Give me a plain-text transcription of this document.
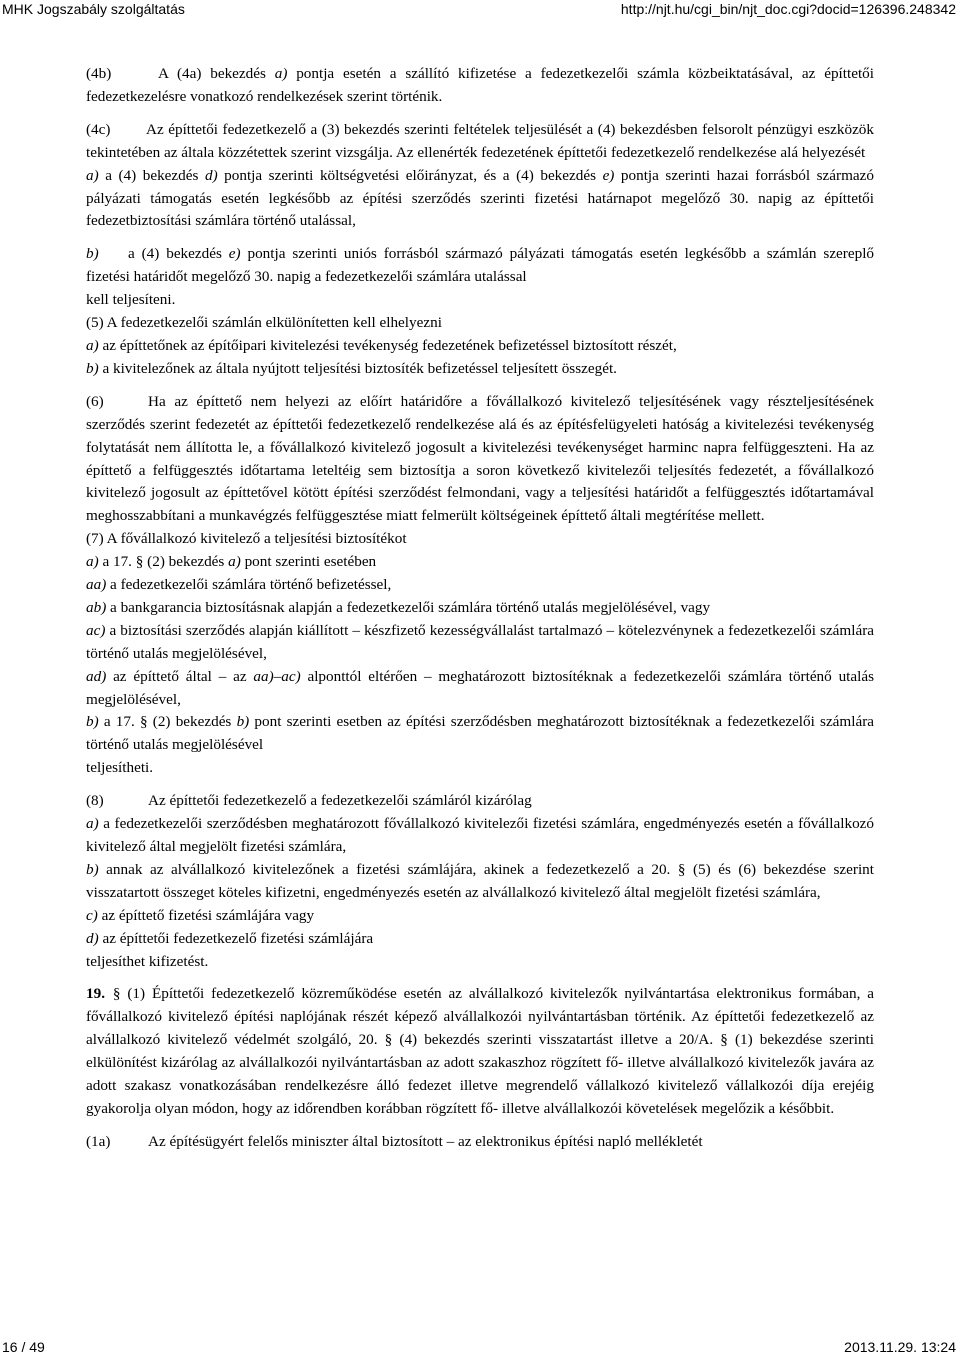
MHK Jogszabály szolgáltatás	http://njt.hu/cgi_bin/njt_doc.cgi?docid=126396.248342

(4b)	A (4a) bekezdés a) pontja esetén a szállító kifizetése a fedezetkezelői számla közbeiktatásával, az építtetői fedezetkezelésre vonatkozó rendelkezések szerint történik.

(4c) Az építtetői fedezetkezelő a (3) bekezdés szerinti feltételek teljesülését a (4) bekezdésben felsorolt pénzügyi eszközök tekintetében az általa közzétettek szerint vizsgálja. Az ellenérték fedezetének építtetői fedezetkezelő rendelkezése alá helyezését

a) a (4) bekezdés d) pontja szerinti költségvetési előirányzat, és a (4) bekezdés e) pontja szerinti hazai forrásból származó pályázati támogatás esetén legkésőbb az építési szerződés szerinti fizetési határnapot megelőző 30. napig az építtetői fedezetbiztosítási számlára történő utalással,

b) a (4) bekezdés e) pontja szerinti uniós forrásból származó pályázati támogatás esetén legkésőbb a számlán szereplő fizetési határidőt megelőző 30. napig a fedezetkezelői számlára utalással

kell teljesíteni.

(5) A fedezetkezelői számlán elkülönítetten kell elhelyezni

a) az építtetőnek az építőipari kivitelezési tevékenység fedezetének befizetéssel biztosított részét,

b) a kivitelezőnek az általa nyújtott teljesítési biztosíték befizetéssel teljesített összegét.

(6)	Ha az építtető nem helyezi az előírt határidőre a fővállalkozó kivitelező teljesítésének vagy részteljesítésének szerződés szerint fedezetét az építtetői fedezetkezelő rendelkezése alá és az építésfelügyeleti hatóság a kivitelezési tevékenység folytatását nem állította le, a fővállalkozó kivitelező jogosult a kivitelezési tevékenységet harminc napra felfüggeszteni. Ha az építtető a felfüggesztés időtartama leteltéig sem biztosítja a soron következő kivitelezői teljesítés fedezetét, a fővállalkozó kivitelező jogosult az építtetővel kötött építési szerződést felmondani, vagy a teljesítési határidőt a felfüggesztés időtartamával meghosszabbítani a munkavégzés felfüggesztése miatt felmerült költségeinek építtető általi megtérítése mellett.

(7) A fővállalkozó kivitelező a teljesítési biztosítékot

a) a 17. § (2) bekezdés a) pont szerinti esetében

aa) a fedezetkezelői számlára történő befizetéssel,

ab) a bankgarancia biztosításnak alapján a fedezetkezelői számlára történő utalás megjelölésével, vagy

ac) a biztosítási szerződés alapján kiállított – készfizető kezességvállalást tartalmazó – kötelezvénynek a fedezetkezelői számlára történő utalás megjelölésével,

ad) az építtető által – az aa)–ac) alponttól eltérően – meghatározott biztosítéknak a fedezetkezelői számlára történő utalás megjelölésével,

b) a 17. § (2) bekezdés b) pont szerinti esetben az építési szerződésben meghatározott biztosítéknak a fedezetkezelői számlára történő utalás megjelölésével

teljesítheti.

(8)	Az építtetői fedezetkezelő a fedezetkezelői számláról kizárólag

a) a fedezetkezelői szerződésben meghatározott fővállalkozó kivitelezői fizetési számlára, engedményezés esetén a fővállalkozó kivitelező által megjelölt fizetési számlára,

b) annak az alvállalkozó kivitelezőnek a fizetési számlájára, akinek a fedezetkezelő a 20. § (5) és (6) bekezdése szerint visszatartott összeget köteles kifizetni, engedményezés esetén az alvállalkozó kivitelező által megjelölt fizetési számlára,

c) az építtető fizetési számlájára vagy

d) az építtetői fedezetkezelő fizetési számlájára

teljesíthet kifizetést.

19. § (1) Építtetői fedezetkezelő közreműködése esetén az alvállalkozó kivitelezők nyilvántartása elektronikus formában, a fővállalkozó kivitelező építési naplójának részét képező alvállalkozói nyilvántartásban történik. Az építtetői fedezetkezelő az alvállalkozó kivitelező védelmét szolgáló, 20. § (4) bekezdés szerinti visszatartást illetve a 20/A. § (1) bekezdése szerinti elkülönítést kizárólag az alvállalkozói nyilvántartásban az adott szakaszhoz rögzített fő- illetve alvállalkozó kivitelezők javára az adott szakasz vonatkozásában rendelkezésre álló fedezet illetve megrendelő vállalkozó kivitelező vállalkozói díja erejéig gyakorolja olyan módon, hogy az időrendben korábban rögzített fő- illetve alvállalkozói követelések megelőzik a későbbit.

(1a) Az építésügyért felelős miniszter által biztosított – az elektronikus építési napló mellékletét

16 / 49	2013.11.29. 13:24
